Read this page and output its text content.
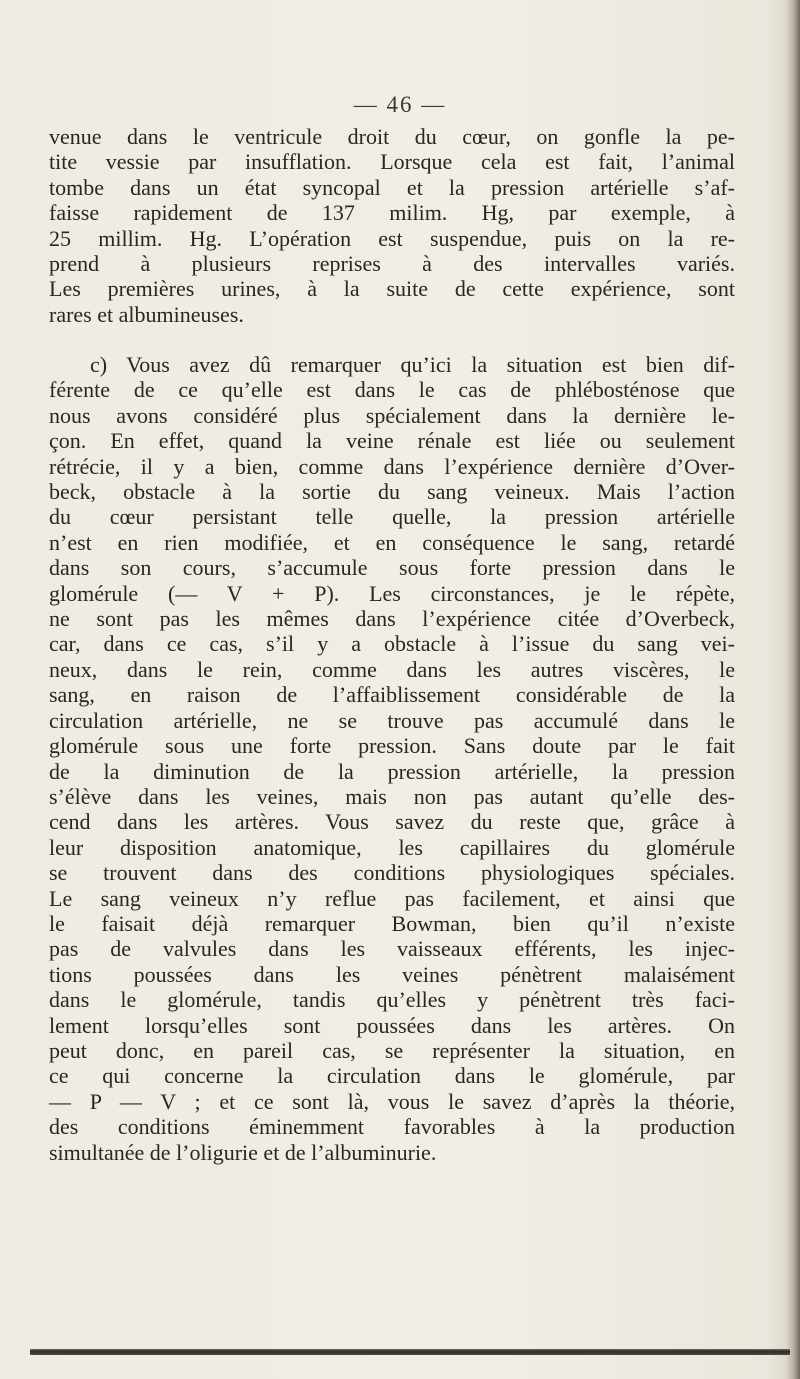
— 46 —
venue dans le ventricule droit du cœur, on gonfle la pe-
tite vessie par insufflation. Lorsque cela est fait, l’animal
tombe dans un état syncopal et la pression artérielle s’af-
faisse rapidement de 137 milim. Hg, par exemple, à
25 millim. Hg. L’opération est suspendue, puis on la re-
prend à plusieurs reprises à des intervalles variés.
Les premières urines, à la suite de cette expérience, sont
rares et albumineuses.
c) Vous avez dû remarquer qu’ici la situation est bien dif-
férente de ce qu’elle est dans le cas de phlébosténose que
nous avons considéré plus spécialement dans la dernière le-
çon. En effet, quand la veine rénale est liée ou seulement
rétrécie, il y a bien, comme dans l’expérience dernière d’Over-
beck, obstacle à la sortie du sang veineux. Mais l’action
du cœur persistant telle quelle, la pression artérielle
n’est en rien modifiée, et en conséquence le sang, retardé
dans son cours, s’accumule sous forte pression dans le
glomérule (— V + P). Les circonstances, je le répète,
ne sont pas les mêmes dans l’expérience citée d’Overbeck,
car, dans ce cas, s’il y a obstacle à l’issue du sang vei-
neux, dans le rein, comme dans les autres viscères, le
sang, en raison de l’affaiblissement considérable de la
circulation artérielle, ne se trouve pas accumulé dans le
glomérule sous une forte pression. Sans doute par le fait
de la diminution de la pression artérielle, la pression
s’élève dans les veines, mais non pas autant qu’elle des-
cend dans les artères. Vous savez du reste que, grâce à
leur disposition anatomique, les capillaires du glomérule
se trouvent dans des conditions physiologiques spéciales.
Le sang veineux n’y reflue pas facilement, et ainsi que
le faisait déjà remarquer Bowman, bien qu’il n’existe
pas de valvules dans les vaisseaux efférents, les injec-
tions poussées dans les veines pénètrent malaisément
dans le glomérule, tandis qu’elles y pénètrent très faci-
lement lorsqu’elles sont poussées dans les artères. On
peut donc, en pareil cas, se représenter la situation, en
ce qui concerne la circulation dans le glomérule, par
— P — V ; et ce sont là, vous le savez d’après la théorie,
des conditions éminemment favorables à la production
simultanée de l’oligurie et de l’albuminurie.
